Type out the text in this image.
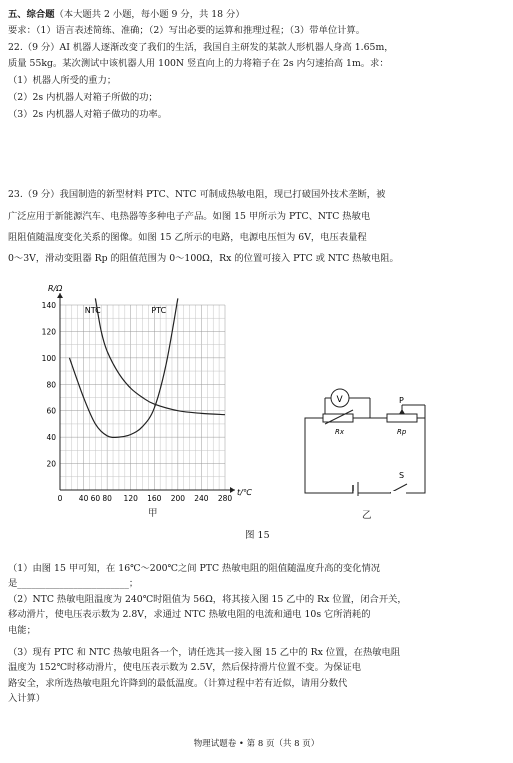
五、综合题（本大题共 2 小题，每小题 9 分，共 18 分）
要求：（1）语言表述简练、准确；（2）写出必要的运算和推理过程；（3）带单位计算。
22.（9 分）AI 机器人逐渐改变了我们的生活，我国自主研发的某款人形机器人身高 1.65m，
质量 55kg。某次测试中该机器人用 100N 竖直向上的力将箱子在 2s 内匀速抬高 1m。求：
（1）机器人所受的重力；
（2）2s 内机器人对箱子所做的功；
（3）2s 内机器人对箱子做功的功率。
23.（9 分）我国制造的新型材料 PTC、NTC 可制成热敏电阻，现已打破国外技术垄断，被
广泛应用于新能源汽车、电热器等多种电子产品。如图 15 甲所示为 PTC、NTC 热敏电
阻阻值随温度变化关系的图像。如图 15 乙所示的电路，电源电压恒为 6V，电压表量程
0～3V，滑动变阻器 Rp 的阻值范围为 0～100Ω，Rx 的位置可接入 PTC 或 NTC 热敏电阻。
0 40 60 80 120 160 200 240 280
20
40
60
80
100
120
140
R/Ω
t/℃
NTC	PTC
甲
V	P
S
Rx	Rp
乙
图 15
（1）由图 15 甲可知，在 16℃～200℃之间 PTC 热敏电阻的阻值随温度升高的变化情况
是________________________；
（2）NTC 热敏电阻温度为 240℃时阻值为 56Ω，将其接入图 15 乙中的 Rx 位置，闭合开关，
移动滑片，使电压表示数为 2.8V，求通过 NTC 热敏电阻的电流和通电 10s 它所消耗的
电能；
（3）现有 PTC 和 NTC 热敏电阻各一个，请任选其一接入图 15 乙中的 Rx 位置，在热敏电阻
温度为 152℃时移动滑片，使电压表示数为 2.5V，然后保持滑片位置不变。为保证电
路安全，求所选热敏电阻允许降到的最低温度。（计算过程中若有近似，请用分数代
入计算）
物理试题卷 • 第 8 页（共 8 页）
